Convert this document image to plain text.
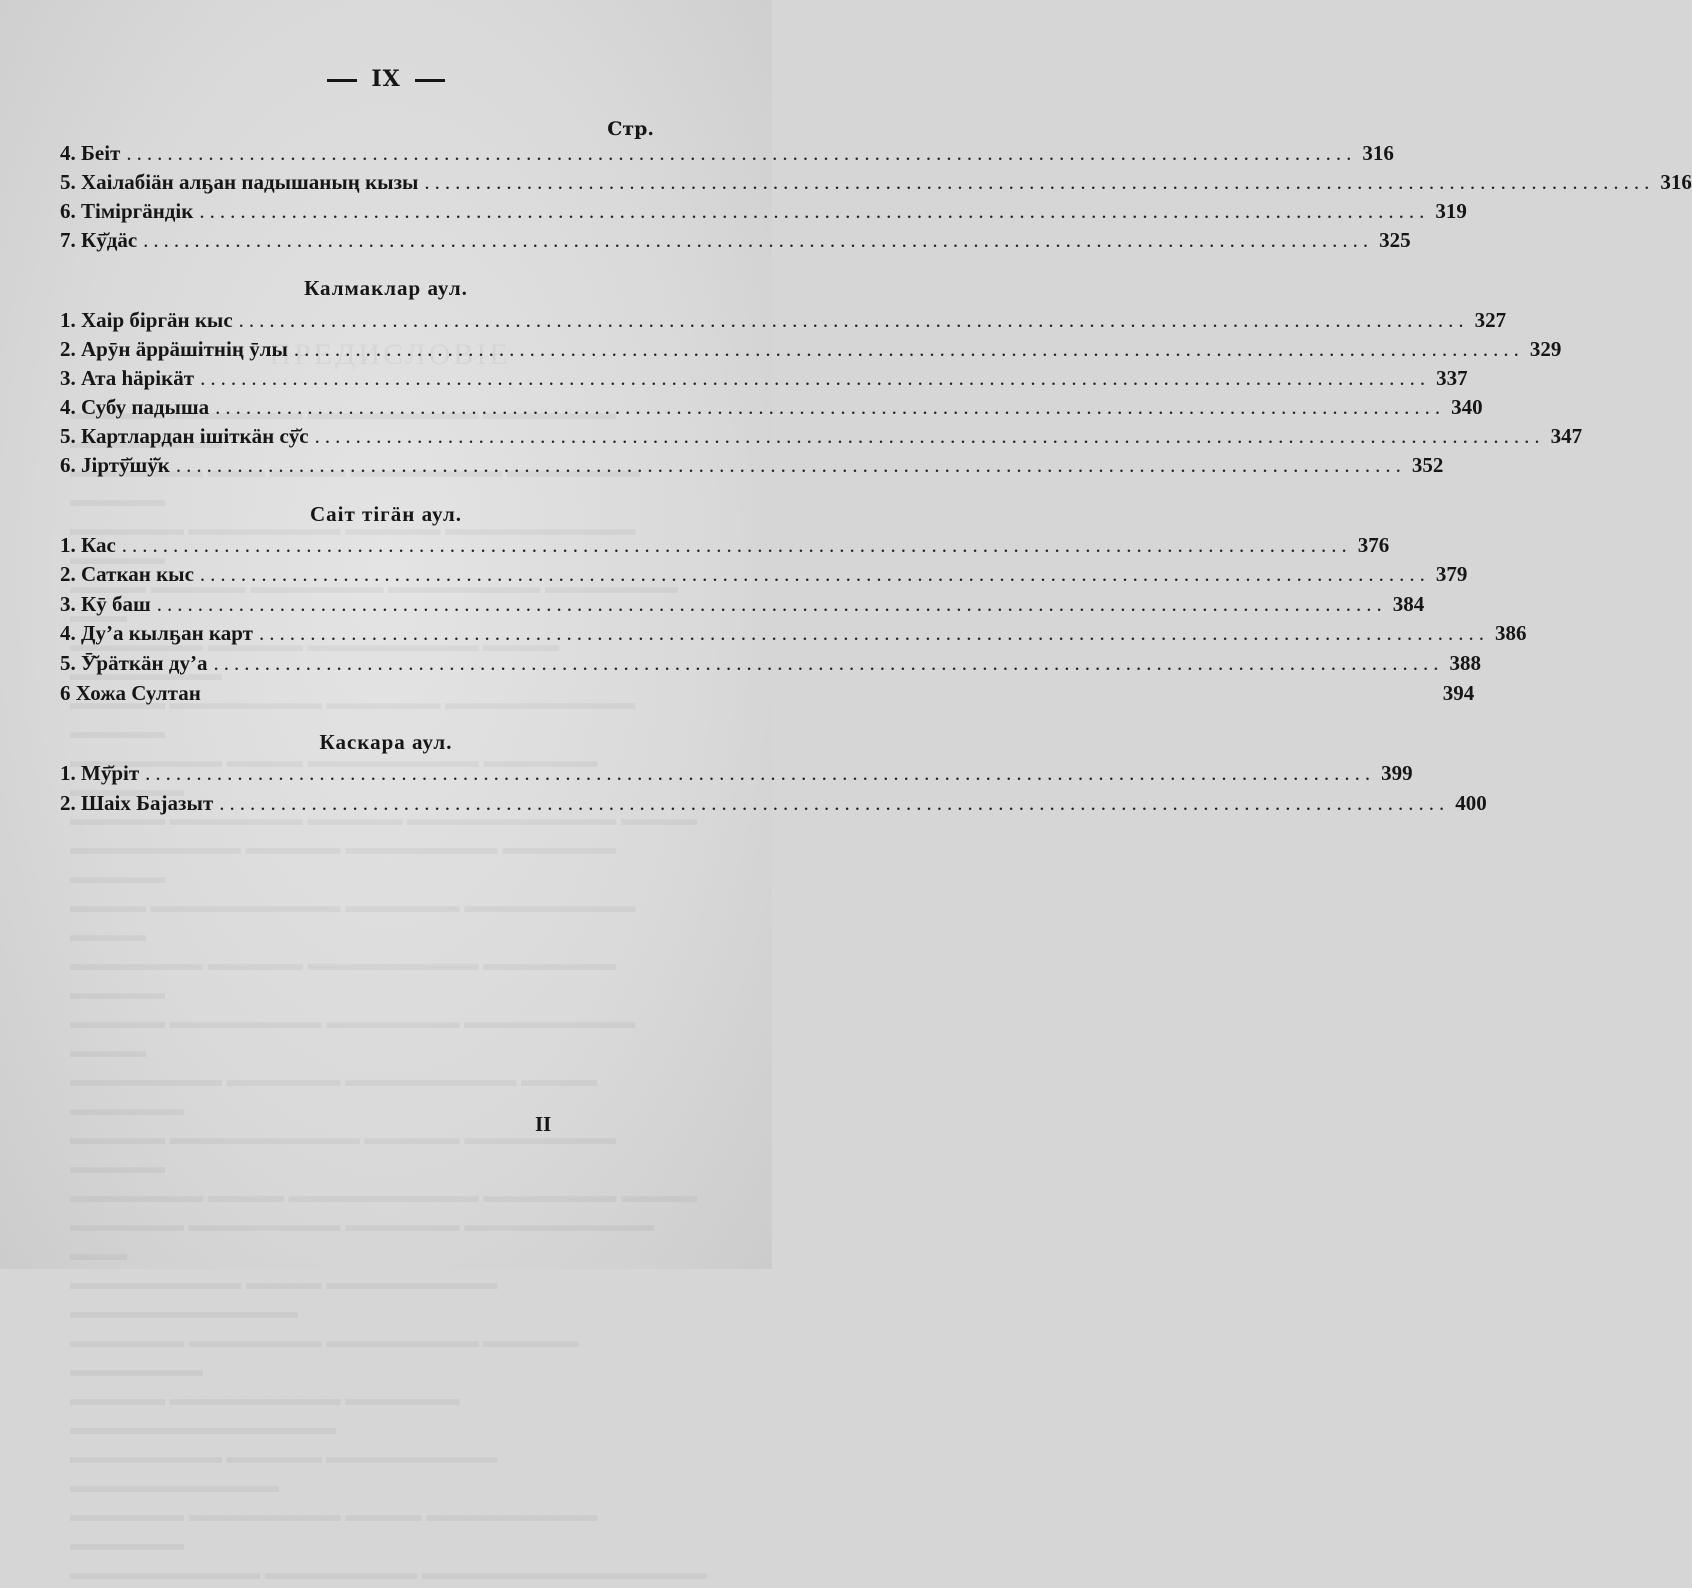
IX
Стр.
4. Беіт ........................................................................................................................ 316
5. Хаілабіӓн алҕан падышаның кызы ........................................................................................................................ 316
6. Тіміргӓндік ........................................................................................................................ 319
7. Кӯ̆дӓс ........................................................................................................................ 325
Калмаклар аул.
1. Хаір біргӓн кыс ........................................................................................................................ 327
2. Арӯн ӓррӓшітнің ӯлы ........................................................................................................................ 329
3. Ата һӓрікӓт ........................................................................................................................ 337
4. Субу падыша ........................................................................................................................ 340
5. Картлардан ішіткӓн сӯ̆с ........................................................................................................................ 347
6. Јіртӯ̆шӱ̆к ........................................................................................................................ 352
Саіт тігӓн аул.
1. Кас ........................................................................................................................ 376
2. Саткан кыс ........................................................................................................................ 379
3. Кӯ баш ........................................................................................................................ 384
4. Ду’а кылҕан карт ........................................................................................................................ 386
5. Ӯ̆рӓткӓн ду’а ........................................................................................................................ 388
6 Хожа Султан	394
Каскара аул.
1. Мӯ̆ріт ........................................................................................................................ 399
2. Шаіх Бајазыт ........................................................................................................................ 400
II
